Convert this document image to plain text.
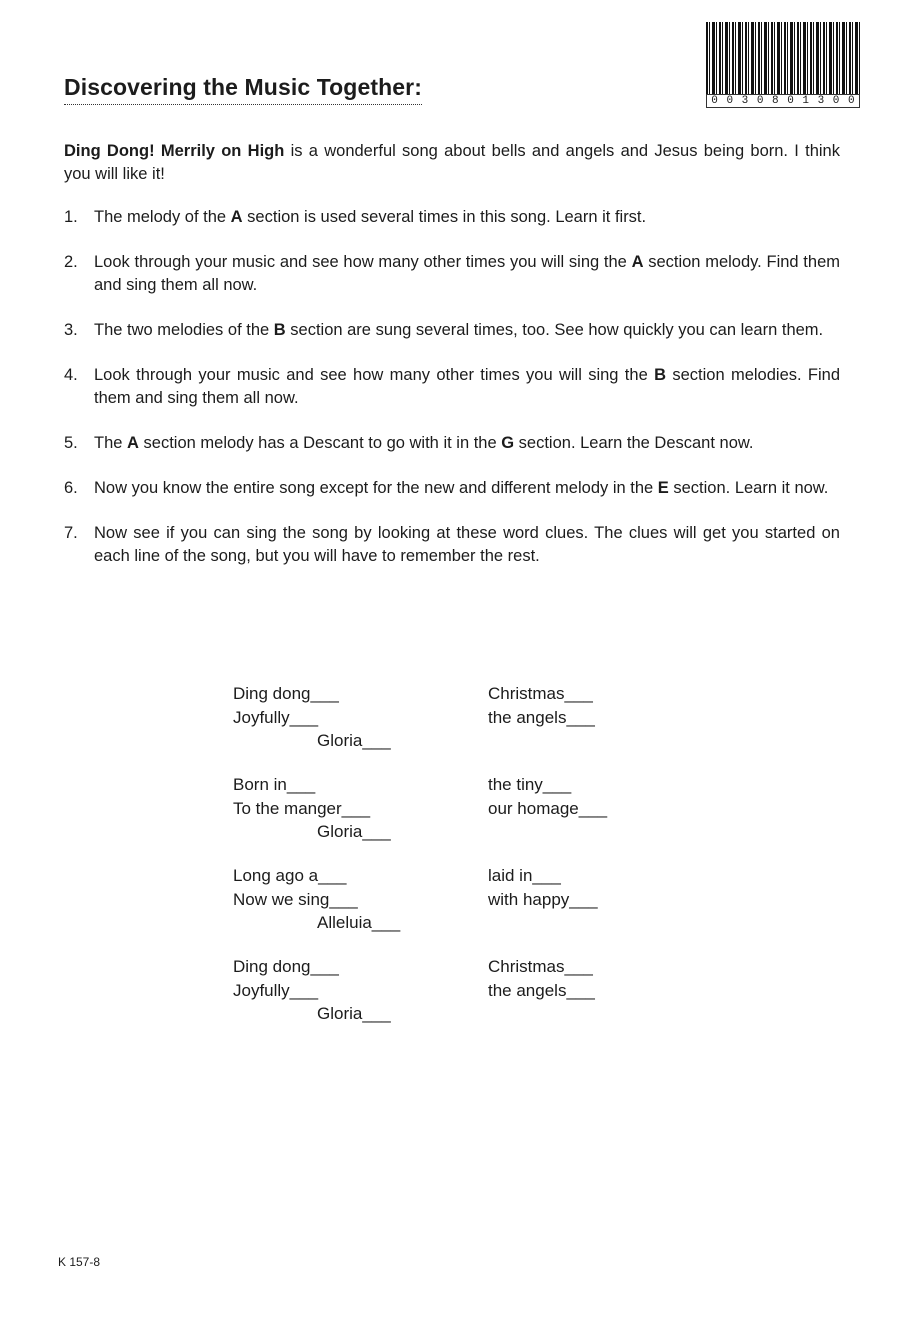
Discovering the Music Together:
0 0 3 0 8 0 1 3 0 0

Ding Dong! Merrily on High is a wonderful song about bells and angels and Jesus being born. I think you will like it!

1. The melody of the A section is used several times in this song. Learn it first.
2. Look through your music and see how many other times you will sing the A section melody. Find them and sing them all now.
3. The two melodies of the B section are sung several times, too. See how quickly you can learn them.
4. Look through your music and see how many other times you will sing the B section melodies. Find them and sing them all now.
5. The A section melody has a Descant to go with it in the G section. Learn the Descant now.
6. Now you know the entire song except for the new and different melody in the E section. Learn it now.
7. Now see if you can sing the song by looking at these word clues. The clues will get you started on each line of the song, but you will have to remember the rest.
Ding dong___
Joyfully___
Gloria___
Christmas___
the angels___
Born in___
To the manger___
Gloria___
the tiny___
our homage___
Long ago a___
Now we sing___
Alleluia___
laid in___
with happy___
Ding dong___
Joyfully___
Gloria___
Christmas___
the angels___
K 157-8
